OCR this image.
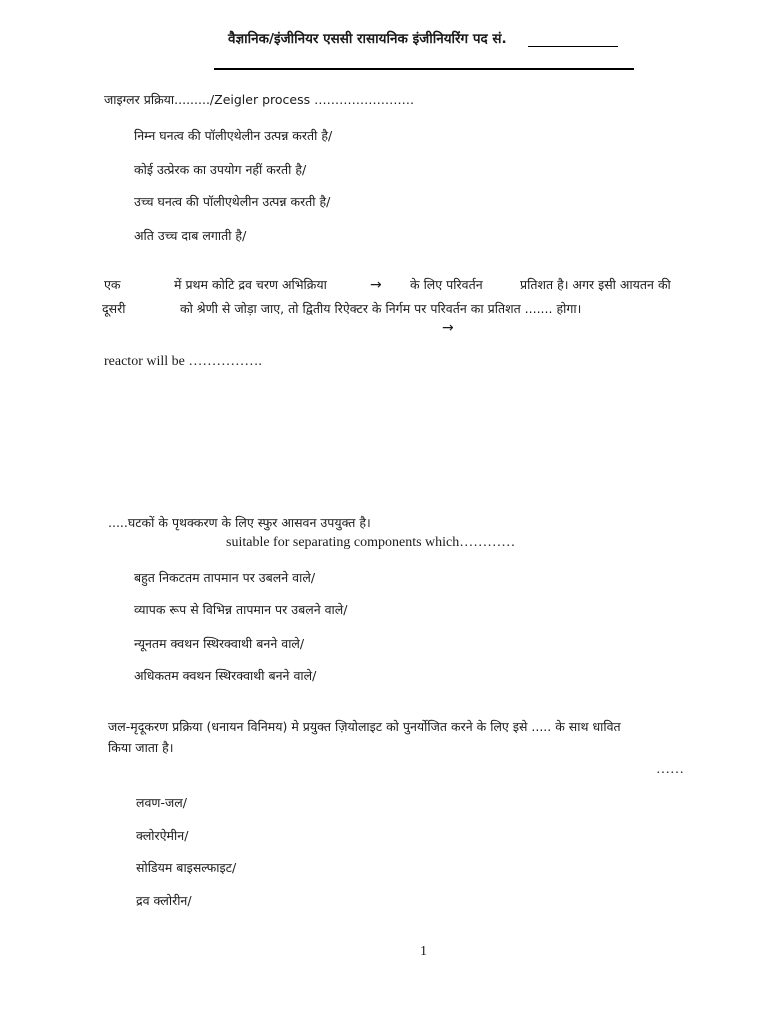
वैज्ञानिक/इंजीनियर एससी रासायनिक इंजीनियरिंग पद सं.
जाइग्लर प्रक्रिया........./Zeigler process ……………………
निम्न घनत्व की पॉलीएथेलीन उत्पन्न करती है/
कोई उत्प्रेरक का उपयोग नहीं करती है/
उच्च घनत्व की पॉलीएथेलीन उत्पन्न करती है/
अति उच्च दाब लगाती है/
एक	में प्रथम कोटि द्रव चरण अभिक्रिया	→ के लिए परिवर्तन	प्रतिशत है। अगर इसी आयतन की
दूसरी	को श्रेणी से जोड़ा जाए, तो द्वितीय रिऐक्टर के निर्गम पर परिवर्तन का प्रतिशत ....... होगा।
→
reactor will be …………….
.....घटकों के पृथक्करण के लिए स्फुर आसवन उपयुक्त है।
suitable for separating components which…………
बहुत निकटतम तापमान पर उबलने वाले/
व्यापक रूप से विभिन्न तापमान पर उबलने वाले/
न्यूनतम क्वथन स्थिरक्वाथी बनने वाले/
अधिकतम क्वथन स्थिरक्वाथी बनने वाले/
जल-मृदूकरण प्रक्रिया (धनायन विनिमय) मे प्रयुक्त ज़ियोलाइट को पुनर्योजित करने के लिए इसे ..... के साथ धावित
किया जाता है।
……
लवण-जल/
क्लोरऐमीन/
सोडियम बाइसल्फाइट/
द्रव क्लोरीन/
1
